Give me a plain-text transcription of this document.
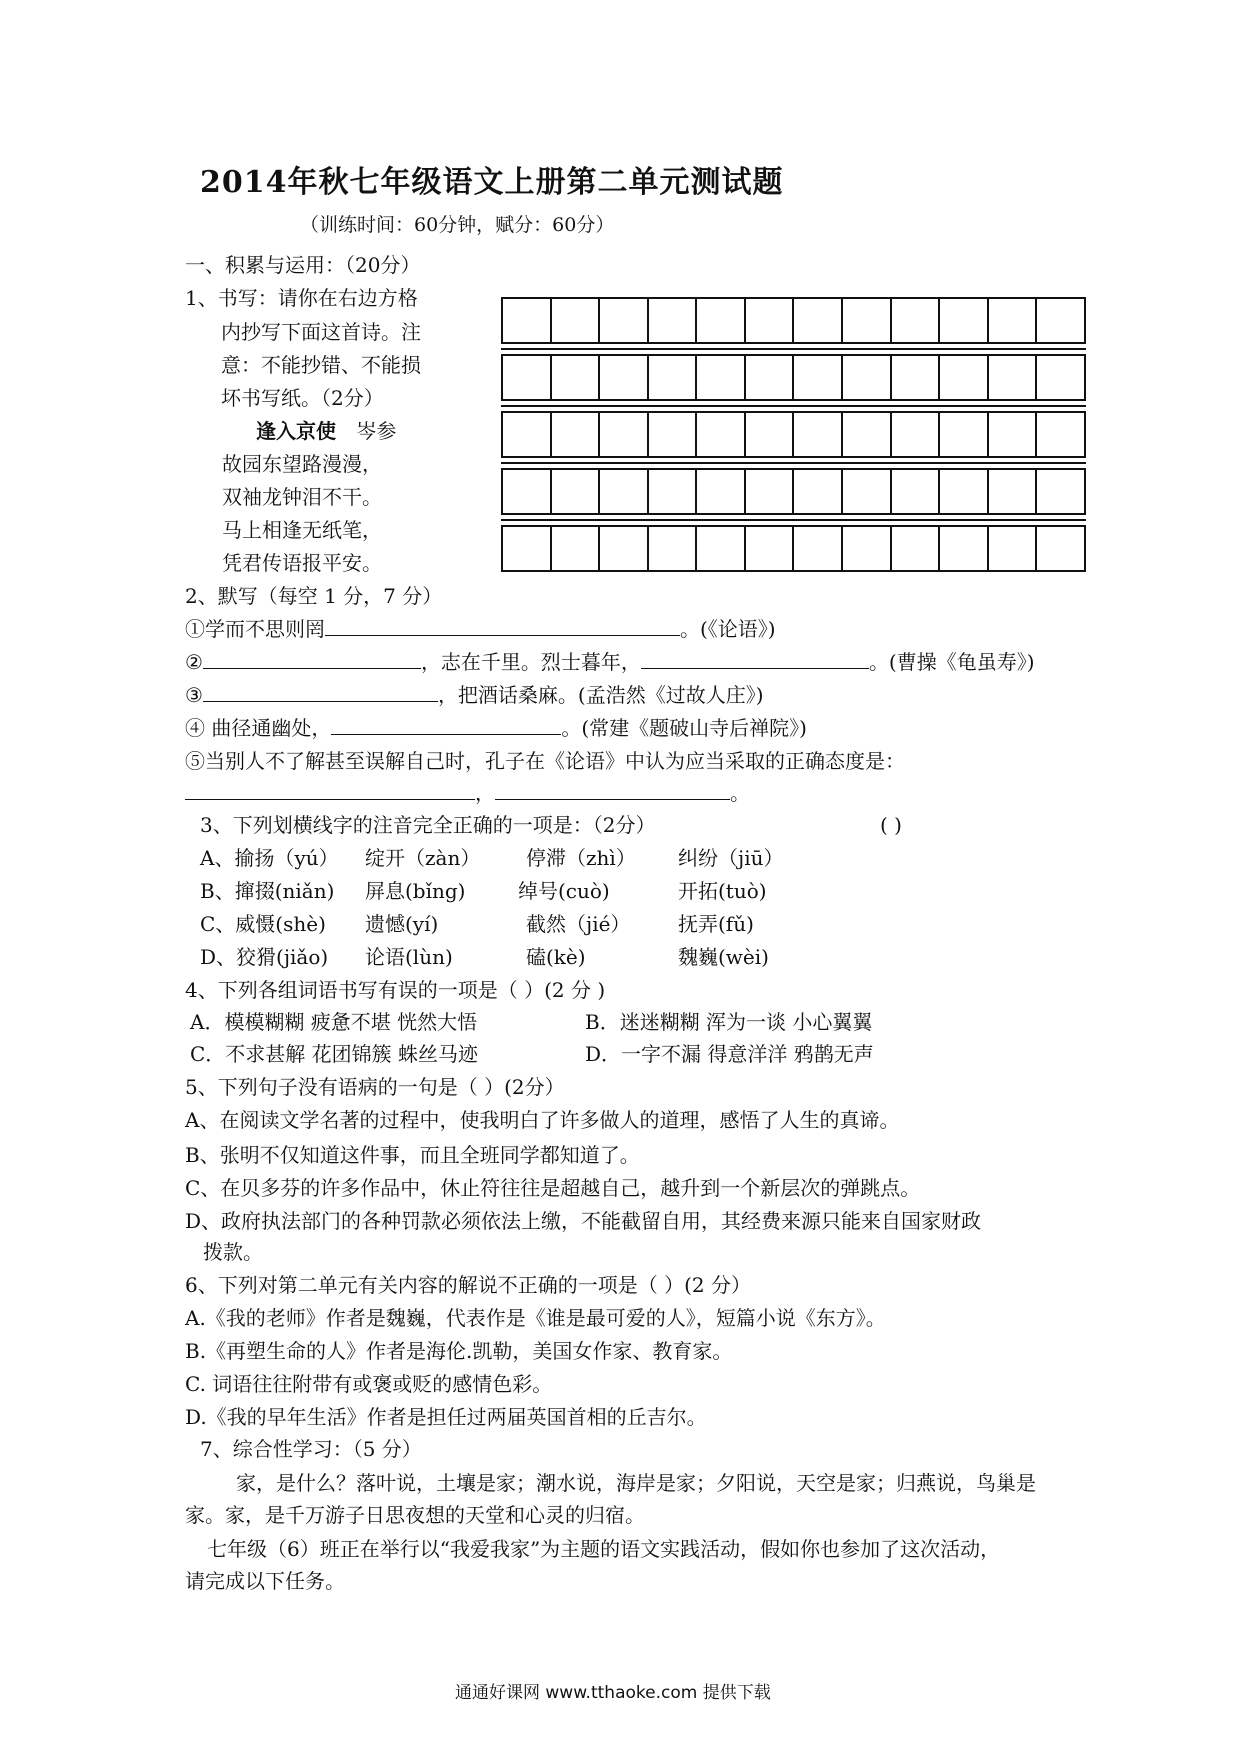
2014年秋七年级语文上册第二单元测试题
（训练时间：60分钟，赋分：60分）
一、积累与运用：（20分）
1、书写：请你在右边方格
内抄写下面这首诗。注
意：不能抄错、不能损
坏书写纸。（2分）
逢入京使 岑参
故园东望路漫漫，
双袖龙钟泪不干。
马上相逢无纸笔，
凭君传语报平安。
2、默写（每空 1 分，7 分）
①学而不思则罔	。(《论语》)
②	，志在千里。烈士暮年，	。(曹操《龟虽寿》)
③	，把酒话桑麻。(孟浩然《过故人庄》)
④ 曲径通幽处，	。(常建《题破山寺后禅院》)
⑤当别人不了解甚至误解自己时，孔子在《论语》中认为应当采取的正确态度是：
，	。
3、下列划横线字的注音完全正确的一项是：（2分）	( )
A、揄扬（yú） 绽开（zàn） 停滞（zhì） 纠纷（jiū）
B、撺掇(niǎn) 屏息(bǐng)	绰号(cuò)	开拓(tuò)
C、威慑(shè) 遗憾(yí)	截然（jié） 抚弄(fǔ)
D、狡猾(jiǎo) 论语(lùn)	磕(kè)	魏巍(wèi)
4、下列各组词语书写有误的一项是（ ）(2 分 )
A．模模糊糊 疲惫不堪 恍然大悟	B．迷迷糊糊 浑为一谈 小心翼翼
C．不求甚解 花团锦簇 蛛丝马迹	D．一字不漏 得意洋洋 鸦鹊无声
5、下列句子没有语病的一句是（ ）(2分）
A、在阅读文学名著的过程中，使我明白了许多做人的道理，感悟了人生的真谛。
B、张明不仅知道这件事，而且全班同学都知道了。
C、在贝多芬的许多作品中，休止符往往是超越自己，越升到一个新层次的弹跳点。
D、政府执法部门的各种罚款必须依法上缴，不能截留自用，其经费来源只能来自国家财政
拨款。
6、下列对第二单元有关内容的解说不正确的一项是（ ）(2 分）
A.《我的老师》作者是魏巍，代表作是《谁是最可爱的人》，短篇小说《东方》。
B.《再塑生命的人》作者是海伦.凯勒，美国女作家、教育家。
C. 词语往往附带有或褒或贬的感情色彩。
D.《我的早年生活》作者是担任过两届英国首相的丘吉尔。
7、综合性学习：（5 分）
家，是什么？落叶说，土壤是家；潮水说，海岸是家；夕阳说，天空是家；归燕说，鸟巢是
家。家，是千万游子日思夜想的天堂和心灵的归宿。
七年级（6）班正在举行以“我爱我家”为主题的语文实践活动，假如你也参加了这次活动，
请完成以下任务。
通通好课网 www.tthaoke.com 提供下载
